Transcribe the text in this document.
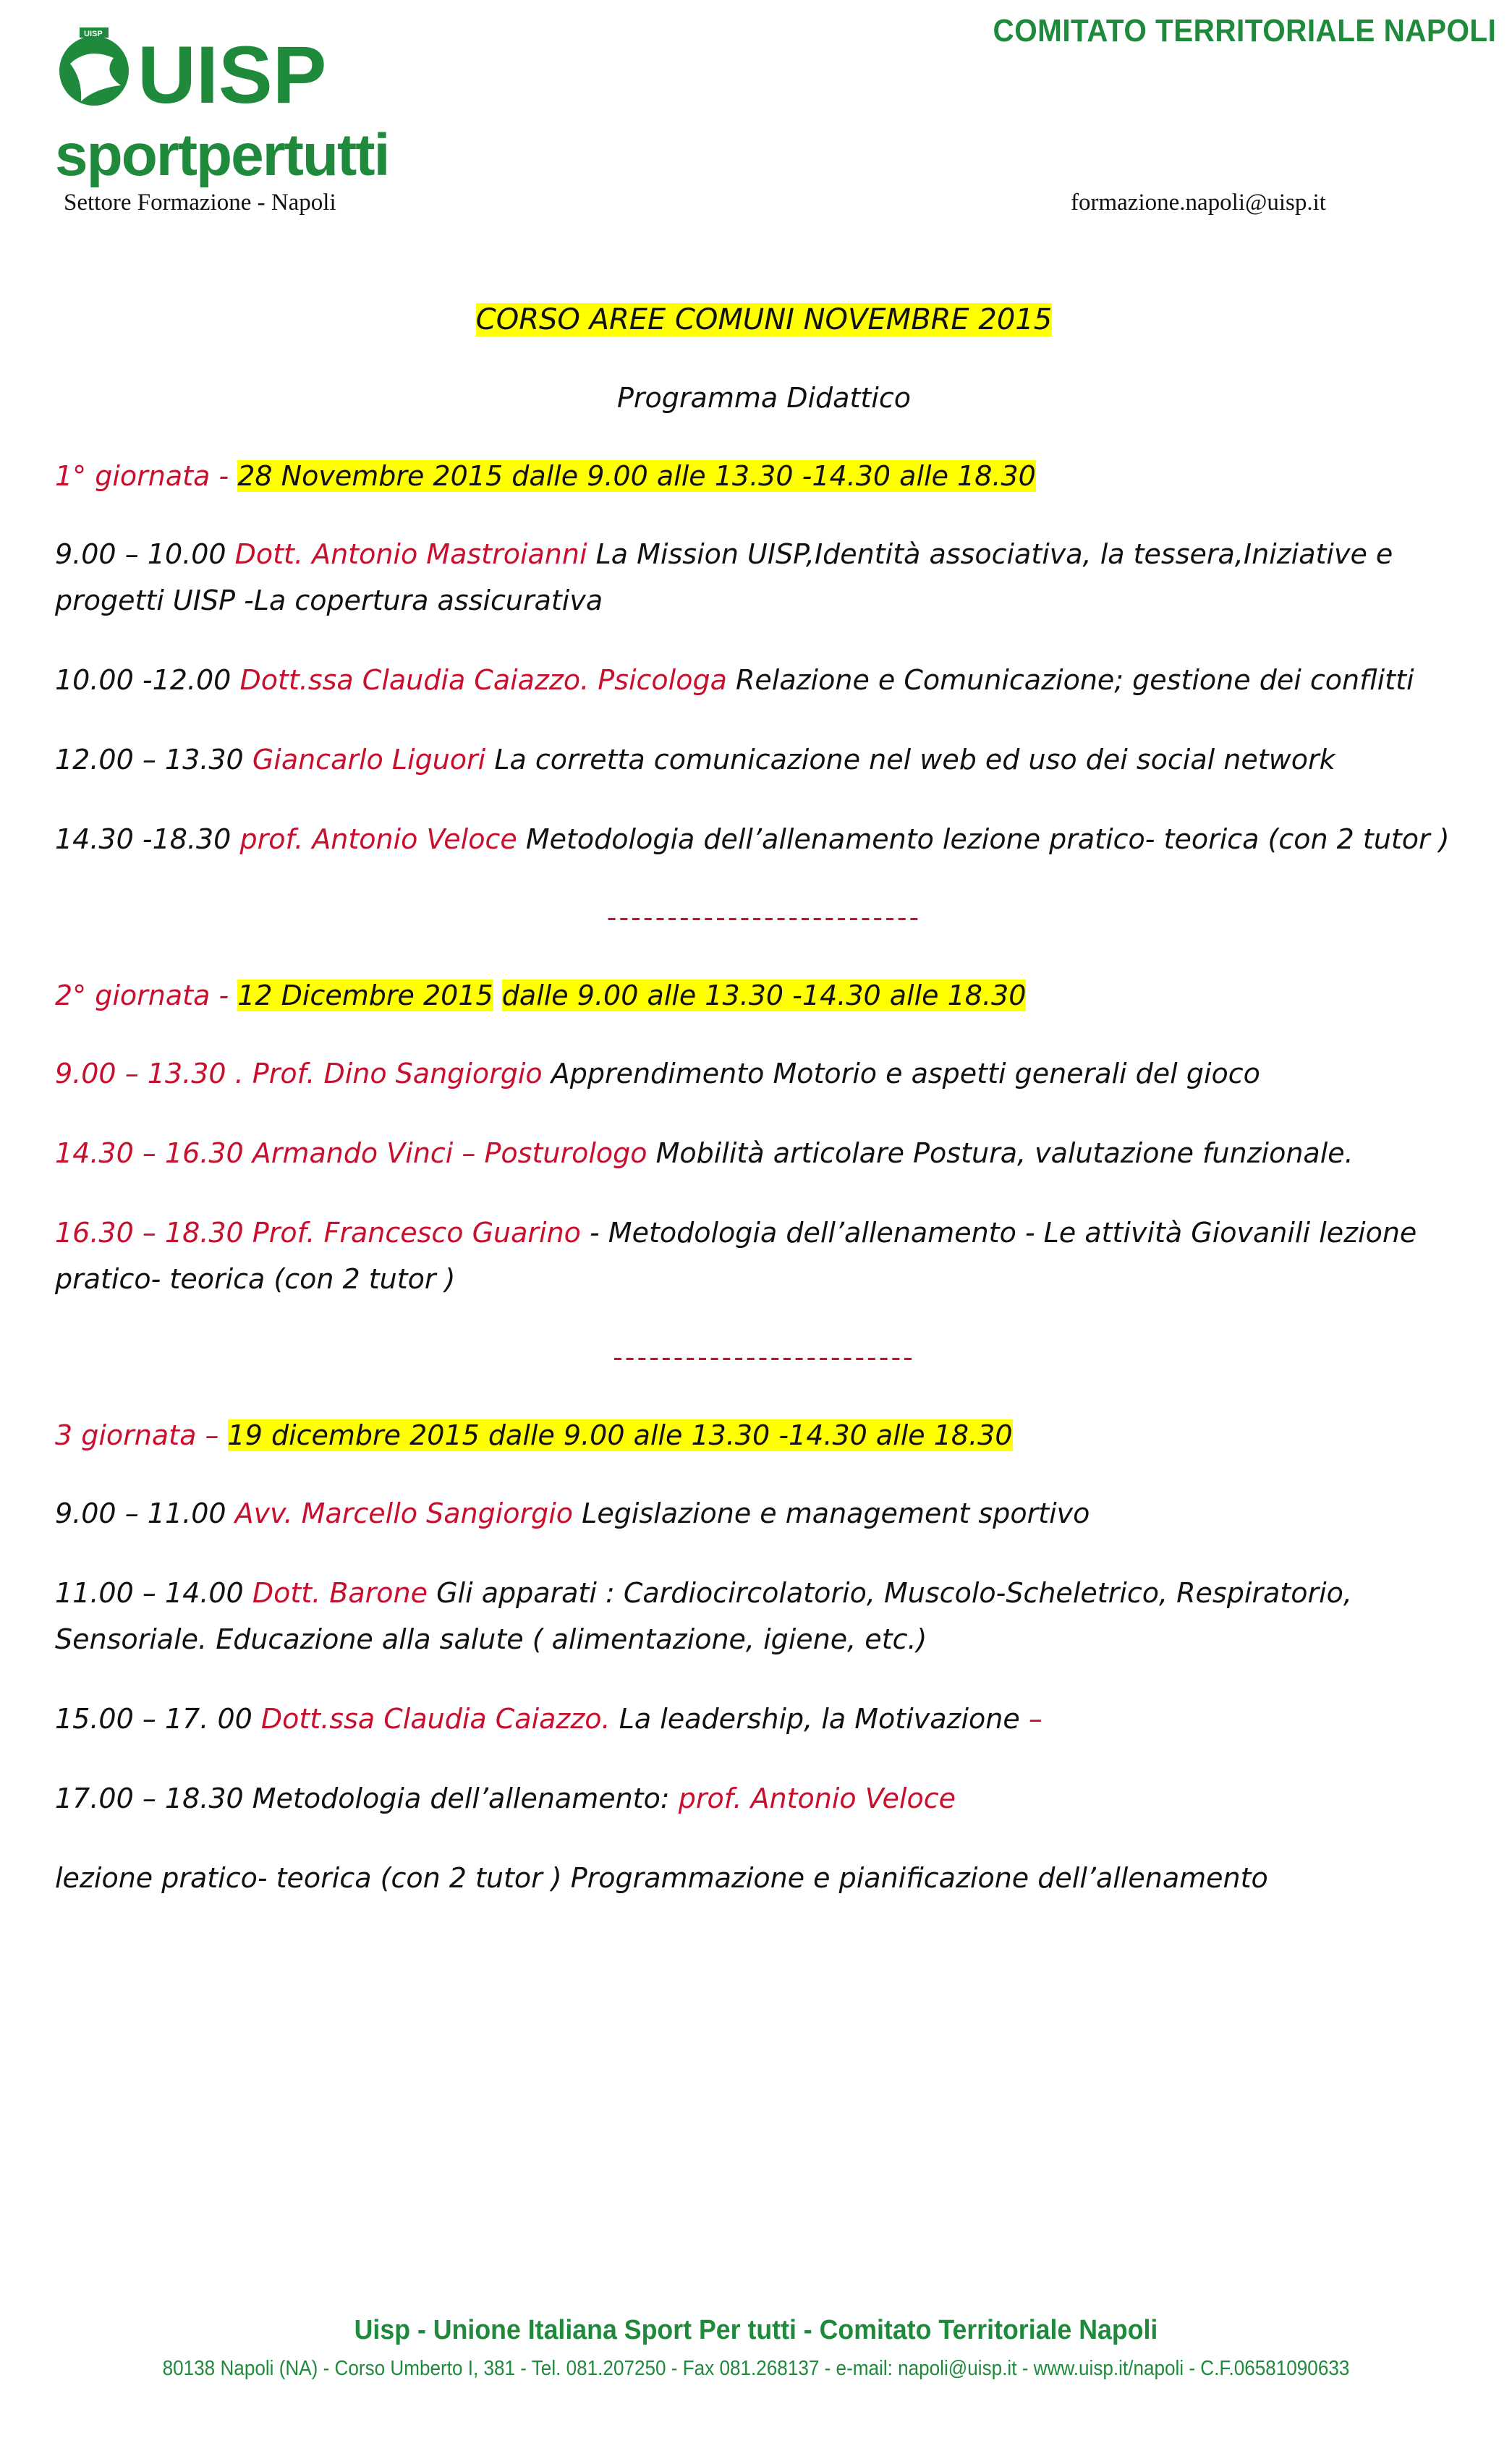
UISP UISP
sportpertutti
COMITATO TERRITORIALE NAPOLI
Settore Formazione - Napoli	formazione.napoli@uisp.it

CORSO AREE COMUNI NOVEMBRE 2015

Programma Didattico

1° giornata - 28 Novembre 2015 dalle 9.00 alle 13.30 -14.30 alle 18.30

9.00 – 10.00 Dott. Antonio Mastroianni La Mission UISP,Identità associativa, la tessera,Iniziative e progetti UISP -La copertura assicurativa

10.00 -12.00 Dott.ssa Claudia Caiazzo. Psicologa Relazione e Comunicazione; gestione dei conflitti

12.00 – 13.30 Giancarlo Liguori La corretta comunicazione nel web ed uso dei social network

14.30 -18.30 prof. Antonio Veloce Metodologia dell’allenamento lezione pratico- teorica (con 2 tutor )

--------------------------

2° giornata - 12 Dicembre 2015 dalle 9.00 alle 13.30 -14.30 alle 18.30

9.00 – 13.30 . Prof. Dino Sangiorgio Apprendimento Motorio e aspetti generali del gioco

14.30 – 16.30 Armando Vinci – Posturologo Mobilità articolare Postura, valutazione funzionale.

16.30 – 18.30 Prof. Francesco Guarino - Metodologia dell’allenamento - Le attività Giovanili lezione pratico- teorica (con 2 tutor )

-------------------------

3 giornata – 19 dicembre 2015 dalle 9.00 alle 13.30 -14.30 alle 18.30

9.00 – 11.00 Avv. Marcello Sangiorgio Legislazione e management sportivo

11.00 – 14.00 Dott. Barone Gli apparati : Cardiocircolatorio, Muscolo-Scheletrico, Respiratorio, Sensoriale. Educazione alla salute ( alimentazione, igiene, etc.)

15.00 – 17. 00 Dott.ssa Claudia Caiazzo. La leadership, la Motivazione –

17.00 – 18.30 Metodologia dell’allenamento: prof. Antonio Veloce

lezione pratico- teorica (con 2 tutor ) Programmazione e pianificazione dell’allenamento

Uisp - Unione Italiana Sport Per tutti - Comitato Territoriale Napoli
80138 Napoli (NA) - Corso Umberto I, 381 - Tel. 081.207250 - Fax 081.268137 - e-mail: napoli@uisp.it - www.uisp.it/napoli - C.F.06581090633
